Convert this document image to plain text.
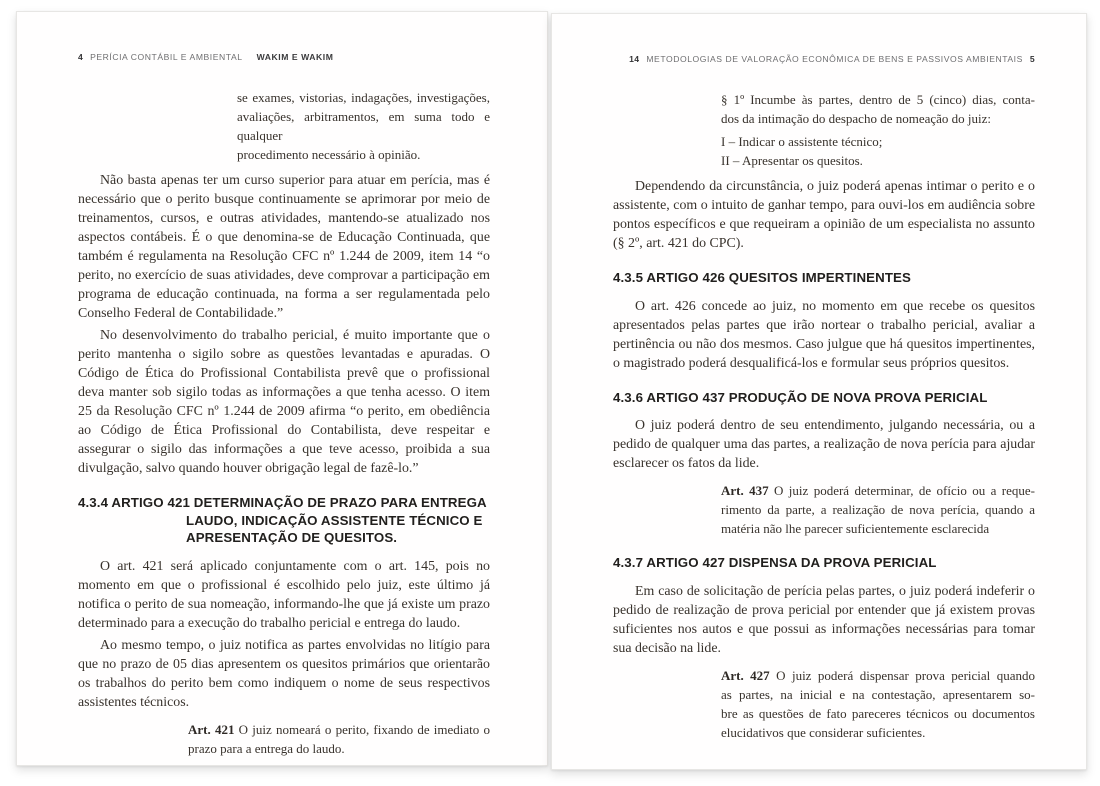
4 PERÍCIA CONTÁBIL E AMBIENTAL WAKIM E WAKIM
se exames, vistorias, indagações, investigações,
avaliações, arbitramentos, em suma todo e qualquer
procedimento necessário à opinião.

Não basta apenas ter um curso superior para atuar em perícia, mas é necessário que o perito busque continuamente se aprimorar por meio de treinamentos, cursos, e outras atividades, mantendo-se atualizado nos aspectos contábeis. É o que denomina-se de Educação Continuada, que também é regulamenta na Resolução CFC nº 1.244 de 2009, item 14 “o perito, no exercício de suas atividades, deve comprovar a participação em programa de educação continuada, na forma a ser regulamentada pelo Conselho Federal de Contabilidade.”

No desenvolvimento do trabalho pericial, é muito importante que o perito mantenha o sigilo sobre as questões levantadas e apuradas. O Código de Ética do Profissional Contabilista prevê que o profissional deva manter sob sigilo todas as informações a que tenha acesso. O item 25 da Resolução CFC nº 1.244 de 2009 afirma “o perito, em obediência ao Código de Ética Profissional do Contabilista, deve respeitar e assegurar o sigilo das informações a que teve acesso, proibida a sua divulgação, salvo quando houver obrigação legal de fazê-lo.”

4.3.4 ARTIGO 421 DETERMINAÇÃO DE PRAZO PARA ENTREGA
LAUDO, INDICAÇÃO ASSISTENTE TÉCNICO E
APRESENTAÇÃO DE QUESITOS.

O art. 421 será aplicado conjuntamente com o art. 145, pois no momento em que o profissional é escolhido pelo juiz, este último já notifica o perito de sua nomeação, informando-lhe que já existe um prazo determinado para a execução do trabalho pericial e entrega do laudo.

Ao mesmo tempo, o juiz notifica as partes envolvidas no litígio para que no prazo de 05 dias apresentem os quesitos primários que orientarão os trabalhos do perito bem como indiquem o nome de seus respectivos assistentes técnicos.

Art. 421 O juiz nomeará o perito, fixando de imediato o
prazo para a entrega do laudo.
14 METODOLOGIAS DE VALORAÇÃO ECONÔMICA DE BENS E PASSIVOS AMBIENTAIS 5
§ 1º Incumbe às partes, dentro de 5 (cinco) dias, conta-
dos da intimação do despacho de nomeação do juiz:
I – Indicar o assistente técnico;
II – Apresentar os quesitos.

Dependendo da circunstância, o juiz poderá apenas intimar o perito e o assistente, com o intuito de ganhar tempo, para ouvi-los em audiência sobre pontos específicos e que requeiram a opinião de um especialista no assunto (§ 2º, art. 421 do CPC).

4.3.5 ARTIGO 426 QUESITOS IMPERTINENTES

O art. 426 concede ao juiz, no momento em que recebe os quesitos apresentados pelas partes que irão nortear o trabalho pericial, avaliar a pertinência ou não dos mesmos. Caso julgue que há quesitos impertinentes, o magistrado poderá desqualificá-los e formular seus próprios quesitos.

4.3.6 ARTIGO 437 PRODUÇÃO DE NOVA PROVA PERICIAL

O juiz poderá dentro de seu entendimento, julgando necessária, ou a pedido de qualquer uma das partes, a realização de nova perícia para ajudar esclarecer os fatos da lide.

Art. 437 O juiz poderá determinar, de ofício ou a reque-
rimento da parte, a realização de nova perícia, quando a
matéria não lhe parecer suficientemente esclarecida
4.3.7 ARTIGO 427 DISPENSA DA PROVA PERICIAL

Em caso de solicitação de perícia pelas partes, o juiz poderá indeferir o pedido de realização de prova pericial por entender que já existem provas suficientes nos autos e que possui as informações necessárias para tomar sua decisão na lide.

Art. 427 O juiz poderá dispensar prova pericial quando
as partes, na inicial e na contestação, apresentarem so-
bre as questões de fato pareceres técnicos ou documentos
elucidativos que considerar suficientes.
